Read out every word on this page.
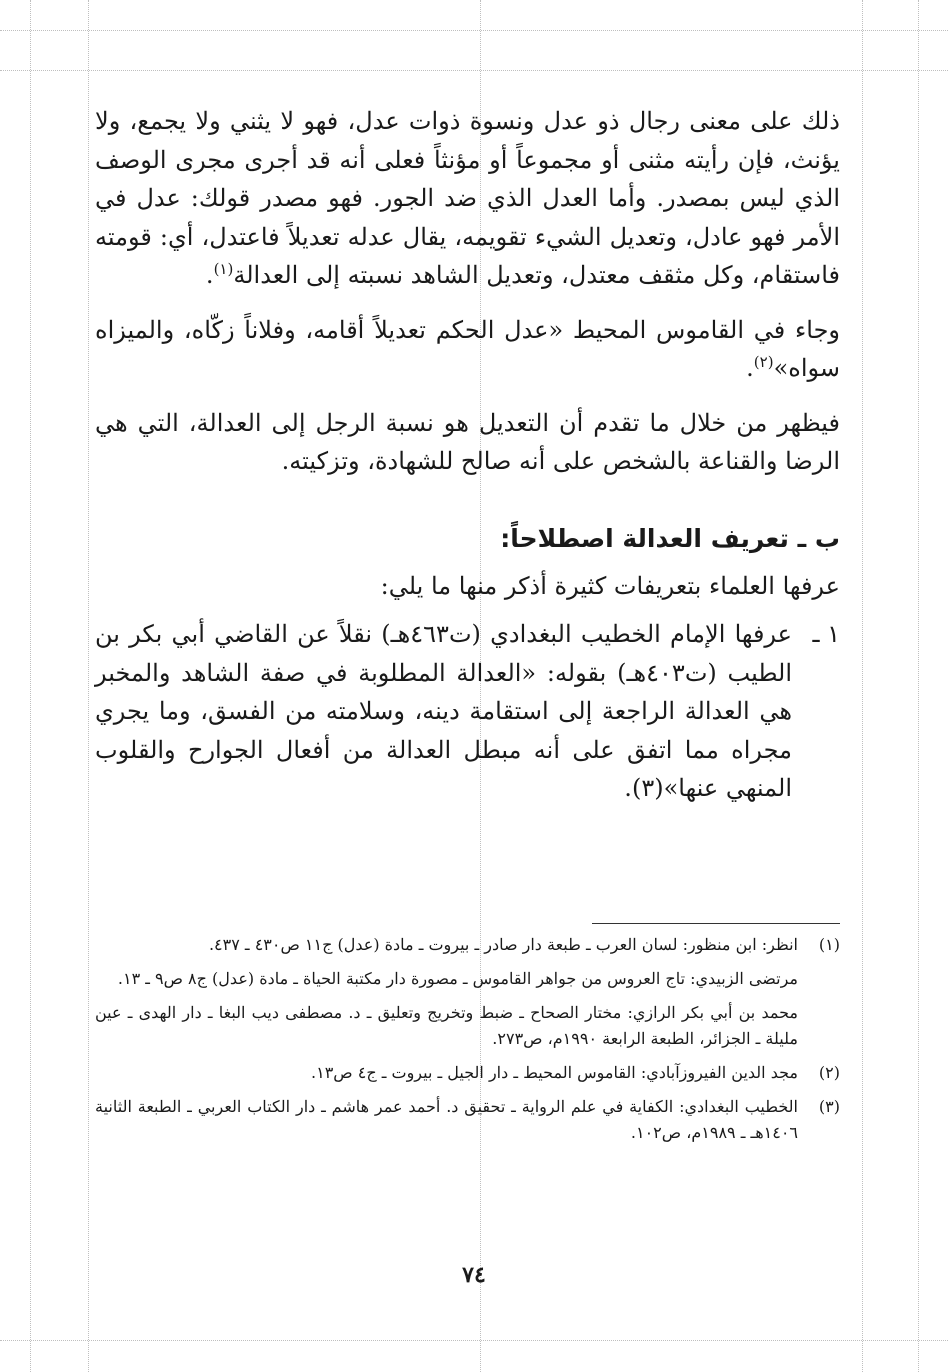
ذلك على معنى رجال ذو عدل ونسوة ذوات عدل، فهو لا يثني ولا يجمع، ولا يؤنث، فإن رأيته مثنى أو مجموعاً أو مؤنثاً فعلى أنه قد أجرى مجرى الوصف الذي ليس بمصدر. وأما العدل الذي ضد الجور. فهو مصدر قولك: عدل في الأمر فهو عادل، وتعديل الشيء تقويمه، يقال عدله تعديلاً فاعتدل، أي: قومته فاستقام، وكل مثقف معتدل، وتعديل الشاهد نسبته إلى العدالة$^{(١)}$.

وجاء في القاموس المحيط «عدل الحكم تعديلاً أقامه، وفلاناً زكّاه، والميزاه سواه»$^{(٢)}$.

فيظهر من خلال ما تقدم أن التعديل هو نسبة الرجل إلى العدالة، التي هي الرضا والقناعة بالشخص على أنه صالح للشهادة، وتزكيته.

ب ـ تعريف العدالة اصطلاحاً:

عرفها العلماء بتعريفات كثيرة أذكر منها ما يلي:

١ ـ
عرفها الإمام الخطيب البغدادي (ت٤٦٣هـ) نقلاً عن القاضي أبي بكر بن الطيب (ت٤٠٣هـ) بقوله: «العدالة المطلوبة في صفة الشاهد والمخبر هي العدالة الراجعة إلى استقامة دينه، وسلامته من الفسق، وما يجري مجراه مما اتفق على أنه مبطل العدالة من أفعال الجوارح والقلوب المنهي عنها»(٣).
(١)
انظر: ابن منظور: لسان العرب ـ طبعة دار صادر ـ بيروت ـ مادة (عدل) ج١١ ص٤٣٠ ـ ٤٣٧.
مرتضى الزبيدي: تاج العروس من جواهر القاموس ـ مصورة دار مكتبة الحياة ـ مادة (عدل) ج٨ ص٩ ـ ١٣.
محمد بن أبي بكر الرازي: مختار الصحاح ـ ضبط وتخريج وتعليق ـ د. مصطفى ديب البغا ـ دار الهدى ـ عين مليلة ـ الجزائر، الطبعة الرابعة ١٩٩٠م، ص٢٧٣.
(٢)
مجد الدين الفيروزآبادي: القاموس المحيط ـ دار الجيل ـ بيروت ـ ج٤ ص١٣.
(٣)
الخطيب البغدادي: الكفاية في علم الرواية ـ تحقيق د. أحمد عمر هاشم ـ دار الكتاب العربي ـ الطبعة الثانية ١٤٠٦هـ ـ ١٩٨٩م، ص١٠٢.
٧٤
